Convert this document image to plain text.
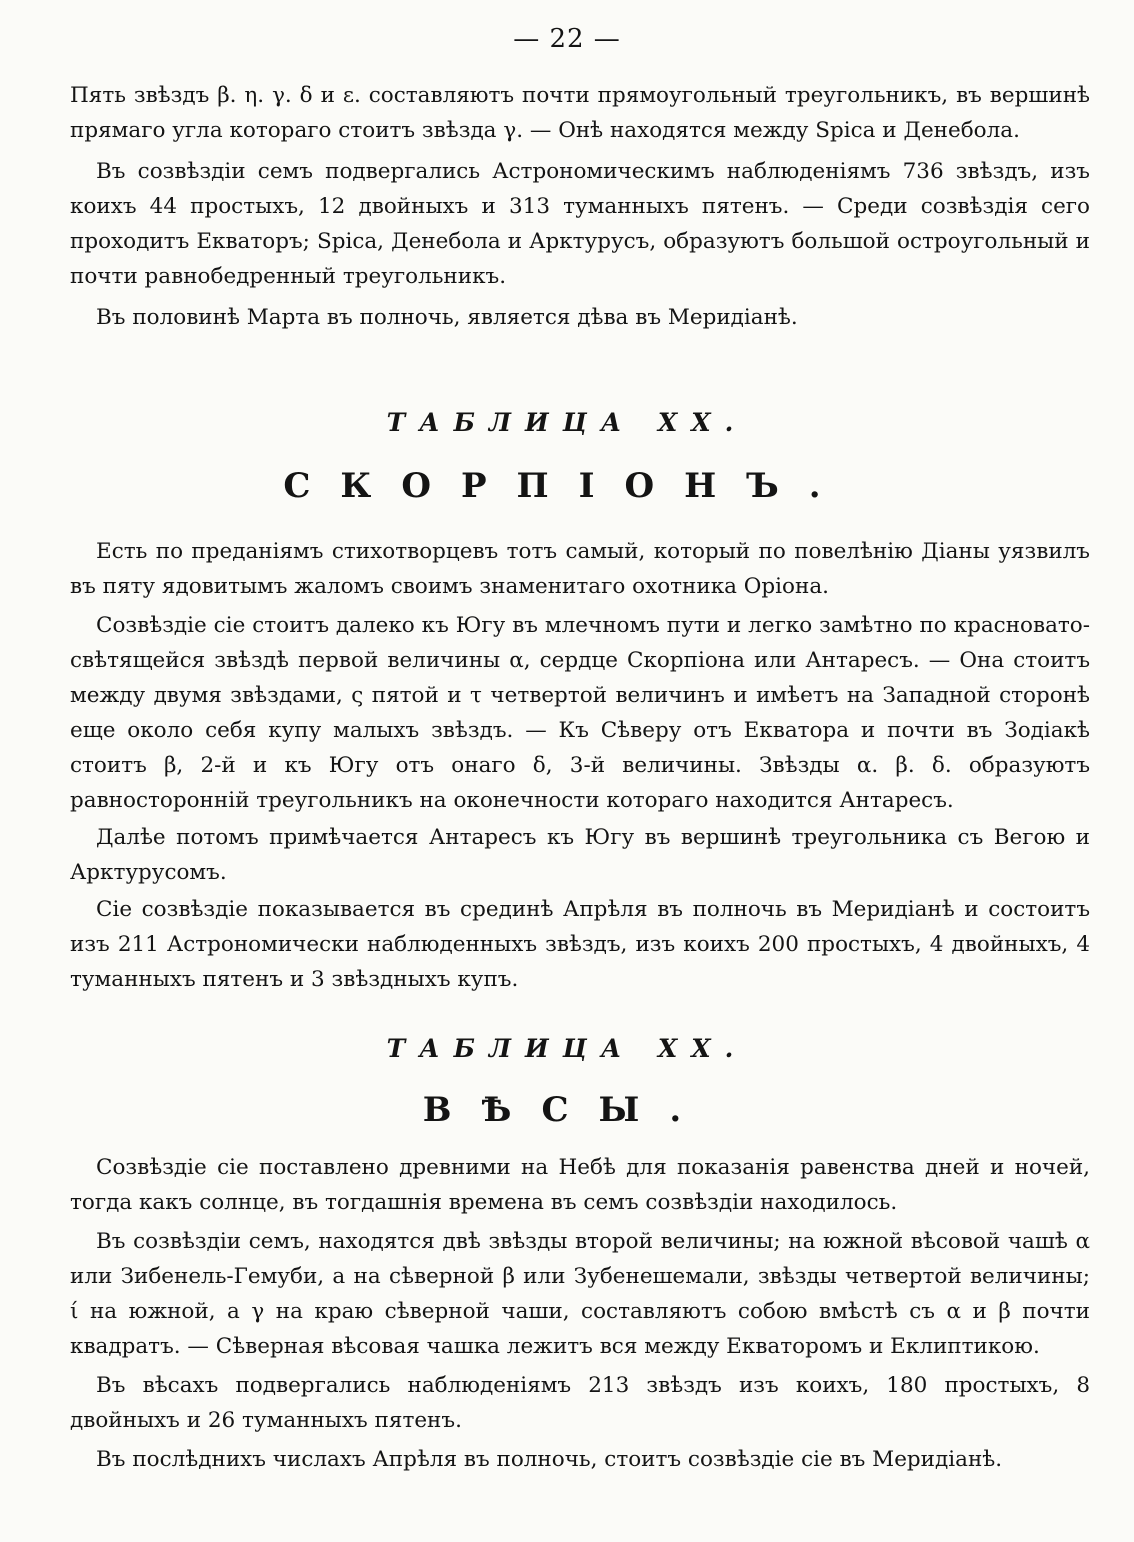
— 22 —

Пять звѣздъ β. η. γ. δ и ε. составляютъ почти прямоугольный треугольникъ, въ вершинѣ прямаго угла котораго стоитъ звѣзда γ. — Онѣ находятся между Spica и Денебола.

Въ созвѣздіи семъ подвергались Астрономическимъ наблюденіямъ 736 звѣздъ, изъ коихъ 44 простыхъ, 12 двойныхъ и 313 туманныхъ пятенъ. — Среди созвѣздія сего проходитъ Екваторъ; Spica, Денебола и Арктурусъ, образуютъ большой остроугольный и почти равнобедренный треугольникъ.

Въ половинѣ Марта въ полночь, является дѣва въ Меридіанѣ.

ТАБЛИЦА XX.
СКОРПІОНЪ.

Есть по преданіямъ стихотворцевъ тотъ самый, который по повелѣнію Діаны уязвилъ въ пяту ядовитымъ жаломъ своимъ знаменитаго охотника Оріона.

Созвѣздіе сіе стоитъ далеко къ Югу въ млечномъ пути и легко замѣтно по красновато-свѣтящейся звѣздѣ первой величины α, сердце Скорпіона или Антаресъ. — Она стоитъ между двумя звѣздами, ς пятой и τ четвертой величинъ и имѣетъ на Западной сторонѣ еще около себя купу малыхъ звѣздъ. — Къ Сѣверу отъ Екватора и почти въ Зодіакѣ стоитъ β, 2-й и къ Югу отъ онаго δ, 3-й величины. Звѣзды α. β. δ. образуютъ равносторонній треугольникъ на оконечности котораго находится Антаресъ.

Далѣе потомъ примѣчается Антаресъ къ Югу въ вершинѣ треугольника съ Вегою и Арктурусомъ.

Сіе созвѣздіе показывается въ срединѣ Апрѣля въ полночь въ Меридіанѣ и состоитъ изъ 211 Астрономически наблюденныхъ звѣздъ, изъ коихъ 200 простыхъ, 4 двойныхъ, 4 туманныхъ пятенъ и 3 звѣздныхъ купъ.

ТАБЛИЦА XX.
ВѢСЫ.

Созвѣздіе сіе поставлено древними на Небѣ для показанія равенства дней и ночей, тогда какъ солнце, въ тогдашнія времена въ семъ созвѣздіи находилось.

Въ созвѣздіи семъ, находятся двѣ звѣзды второй величины; на южной вѣсовой чашѣ α или Зибенель-Гемуби, а на сѣверной β или Зубенешемали, звѣзды четвертой величины; ί на южной, а γ на краю сѣверной чаши, составляютъ собою вмѣстѣ съ α и β почти квадратъ. — Сѣверная вѣсовая чашка лежитъ вся между Екваторомъ и Еклиптикою.

Въ вѣсахъ подвергались наблюденіямъ 213 звѣздъ изъ коихъ, 180 простыхъ, 8 двойныхъ и 26 туманныхъ пятенъ.

Въ послѣднихъ числахъ Апрѣля въ полночь, стоитъ созвѣздіе сіе въ Меридіанѣ.
